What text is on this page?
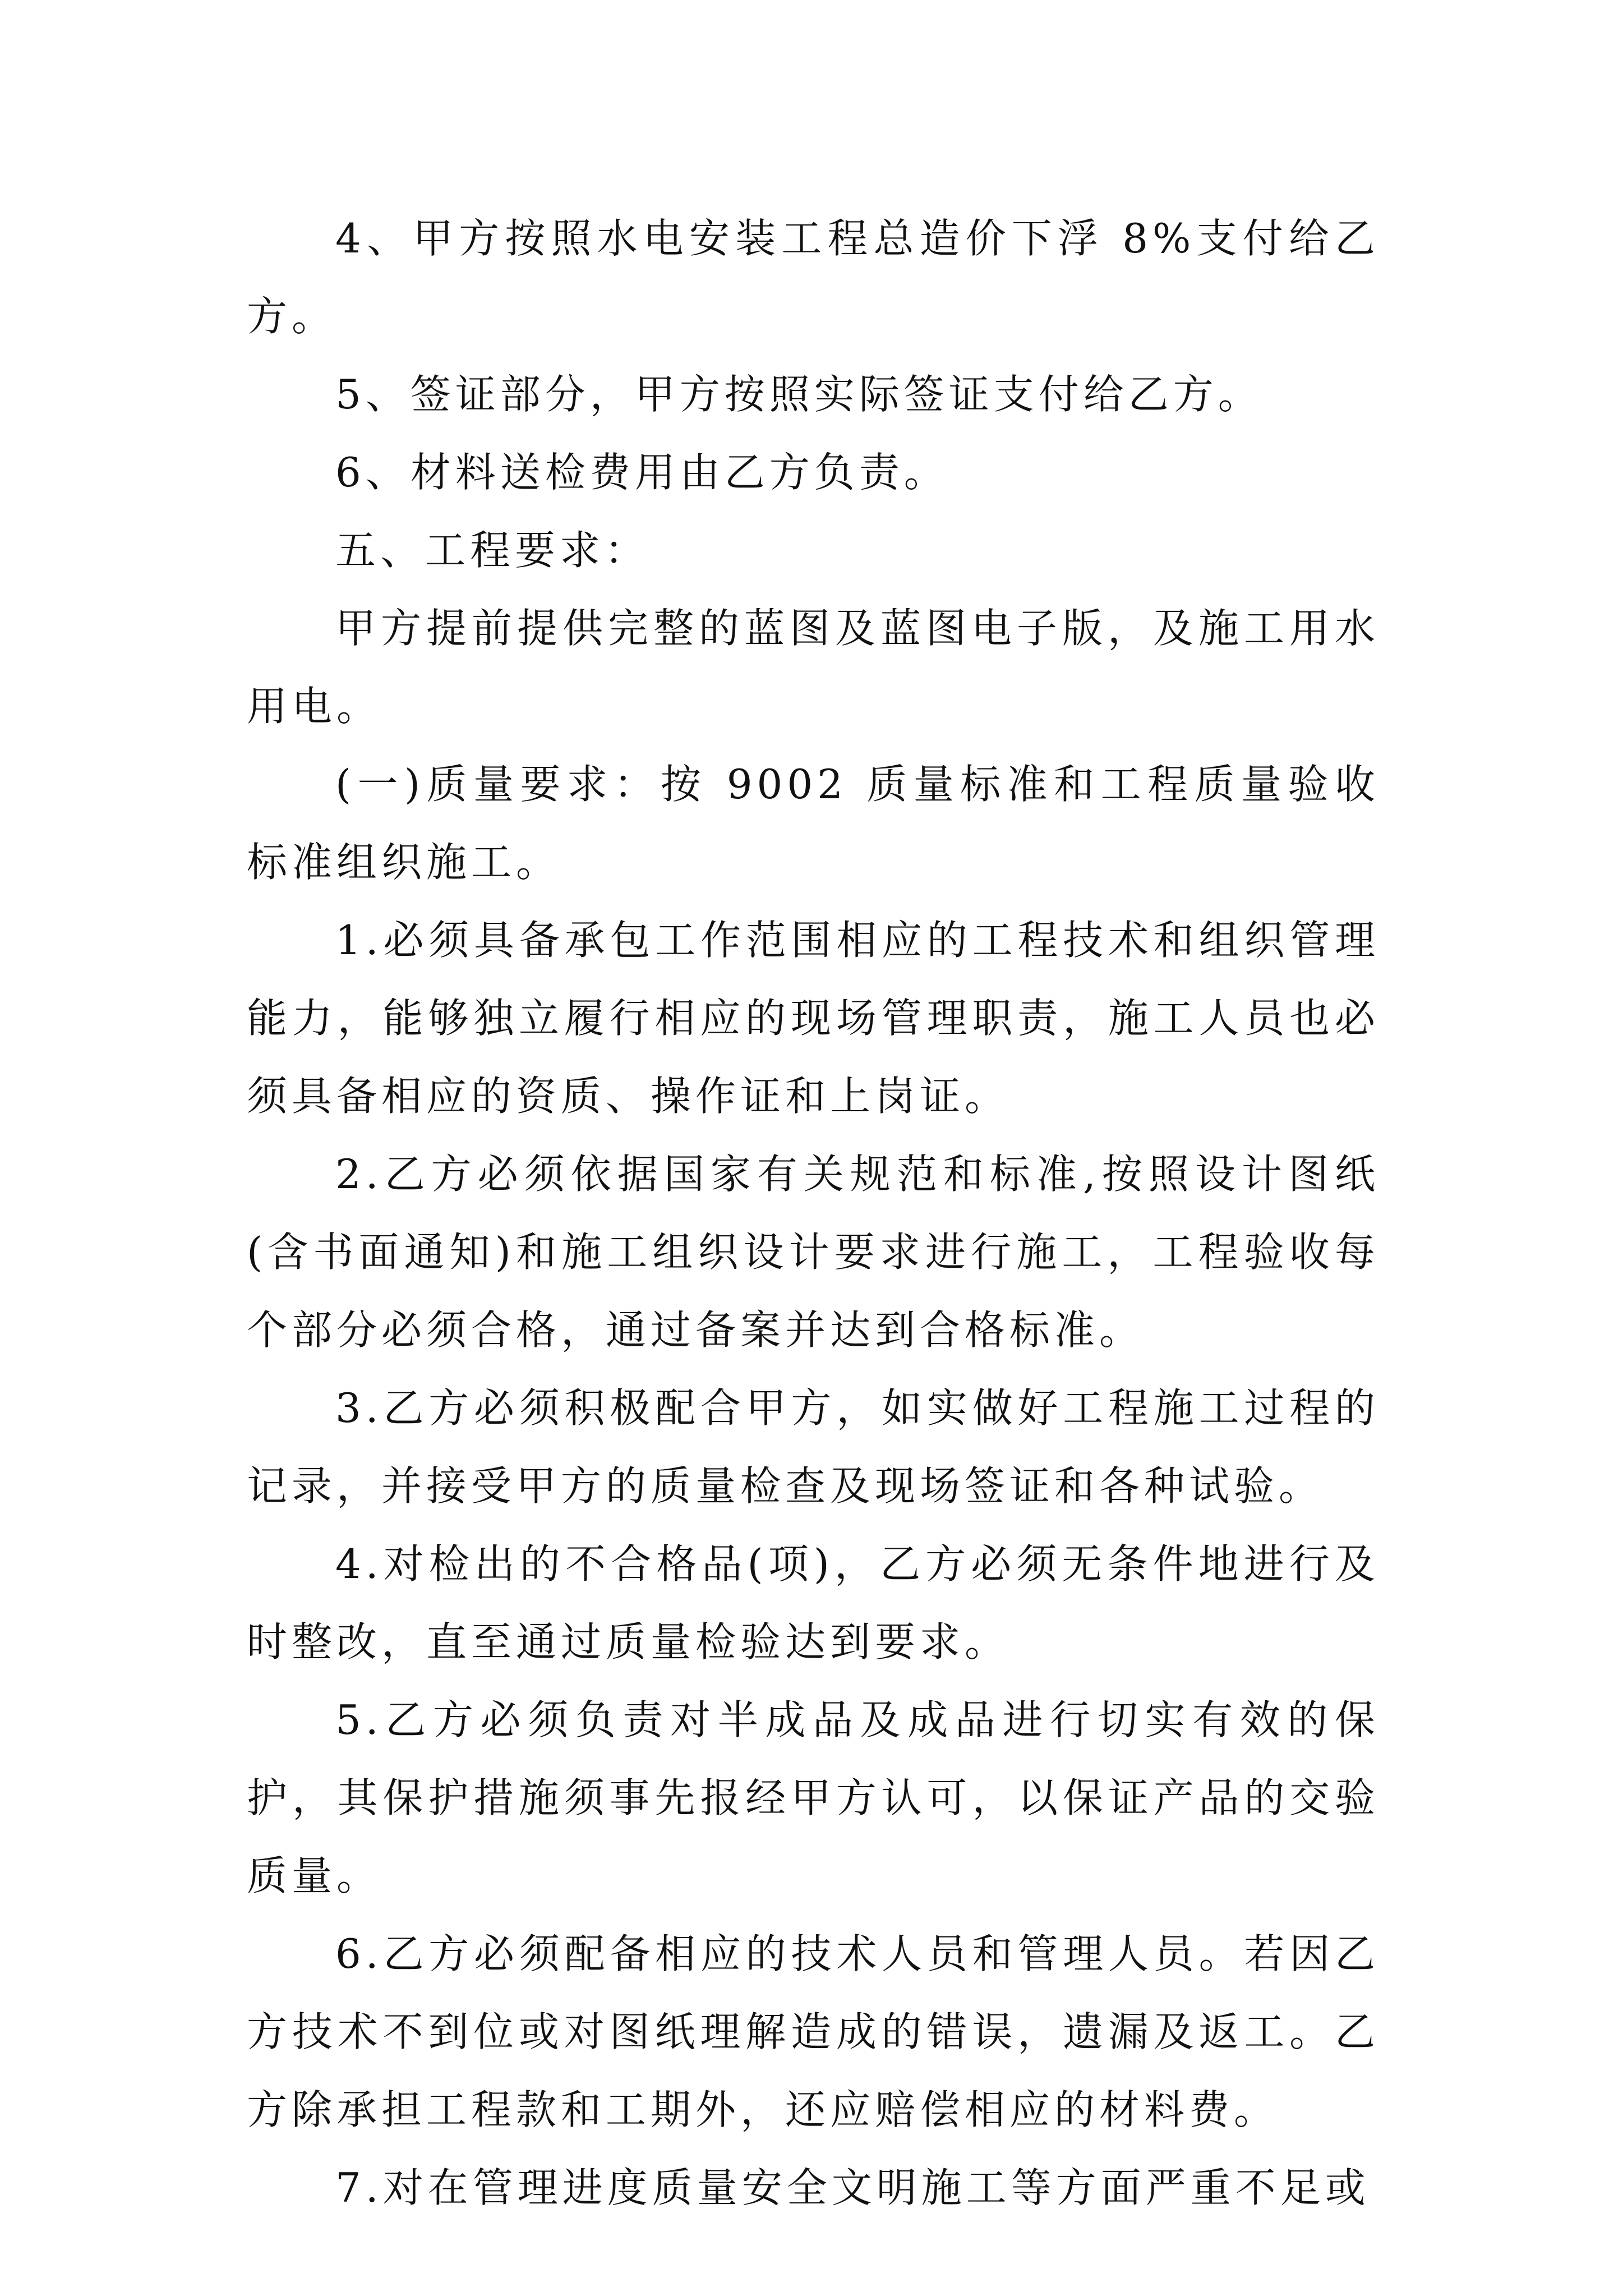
4、甲方按照水电安装工程总造价下浮 8%支付给乙方。

5、签证部分，甲方按照实际签证支付给乙方。

6、材料送检费用由乙方负责。

五、工程要求：

甲方提前提供完整的蓝图及蓝图电子版，及施工用水用电。

(一)质量要求：按 9002 质量标准和工程质量验收标准组织施工。

1.必须具备承包工作范围相应的工程技术和组织管理能力，能够独立履行相应的现场管理职责，施工人员也必须具备相应的资质、操作证和上岗证。

2.乙方必须依据国家有关规范和标准,按照设计图纸(含书面通知)和施工组织设计要求进行施工，工程验收每个部分必须合格，通过备案并达到合格标准。

3.乙方必须积极配合甲方，如实做好工程施工过程的记录，并接受甲方的质量检查及现场签证和各种试验。

4.对检出的不合格品(项)，乙方必须无条件地进行及时整改，直至通过质量检验达到要求。

5.乙方必须负责对半成品及成品进行切实有效的保护，其保护措施须事先报经甲方认可，以保证产品的交验质量。

6.乙方必须配备相应的技术人员和管理人员。若因乙方技术不到位或对图纸理解造成的错误，遗漏及返工。乙方除承担工程款和工期外，还应赔偿相应的材料费。

7.对在管理进度质量安全文明施工等方面严重不足或
